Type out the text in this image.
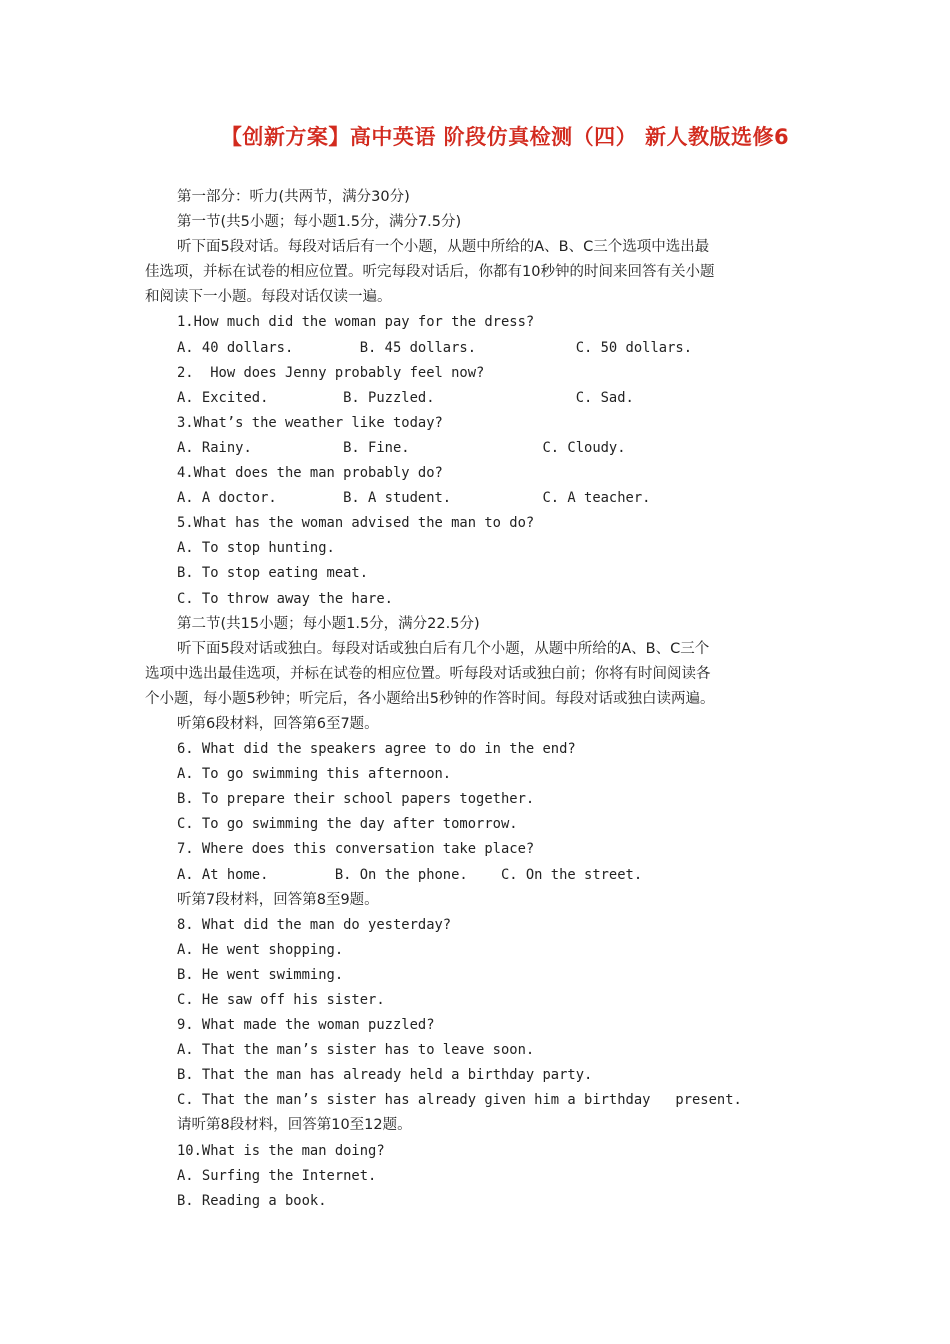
【创新方案】高中英语 阶段仿真检测（四） 新人教版选修6
第一部分：听力(共两节，满分30分)
第一节(共5小题；每小题1.5分，满分7.5分)
听下面5段对话。每段对话后有一个小题，从题中所给的A、B、C三个选项中选出最
佳选项，并标在试卷的相应位置。听完每段对话后，你都有10秒钟的时间来回答有关小题
和阅读下一小题。每段对话仅读一遍。
1.How much did the woman pay for the dress?
A. 40 dollars.        B. 45 dollars.            C. 50 dollars.
2.  How does Jenny probably feel now?
A. Excited.         B. Puzzled.                 C. Sad.
3.What’s the weather like today?
A. Rainy.           B. Fine.                C. Cloudy.
4.What does the man probably do?
A. A doctor.        B. A student.           C. A teacher.
5.What has the woman advised the man to do?
A. To stop hunting.
B. To stop eating meat.
C. To throw away the hare.
第二节(共15小题；每小题1.5分，满分22.5分)
听下面5段对话或独白。每段对话或独白后有几个小题，从题中所给的A、B、C三个
选项中选出最佳选项，并标在试卷的相应位置。听每段对话或独白前；你将有时间阅读各
个小题，每小题5秒钟；听完后，各小题给出5秒钟的作答时间。每段对话或独白读两遍。
听第6段材料，回答第6至7题。
6. What did the speakers agree to do in the end?
A. To go swimming this afternoon.
B. To prepare their school papers together.
C. To go swimming the day after tomorrow.
7. Where does this conversation take place?
A. At home.        B. On the phone.    C. On the street.
听第7段材料，回答第8至9题。
8. What did the man do yesterday?
A. He went shopping.
B. He went swimming.
C. He saw off his sister.
9. What made the woman puzzled?
A. That the man’s sister has to leave soon.
B. That the man has already held a birthday party.
C. That the man’s sister has already given him a birthday   present.
请听第8段材料，回答第10至12题。
10.What is the man doing?
A. Surfing the Internet.
B. Reading a book.
